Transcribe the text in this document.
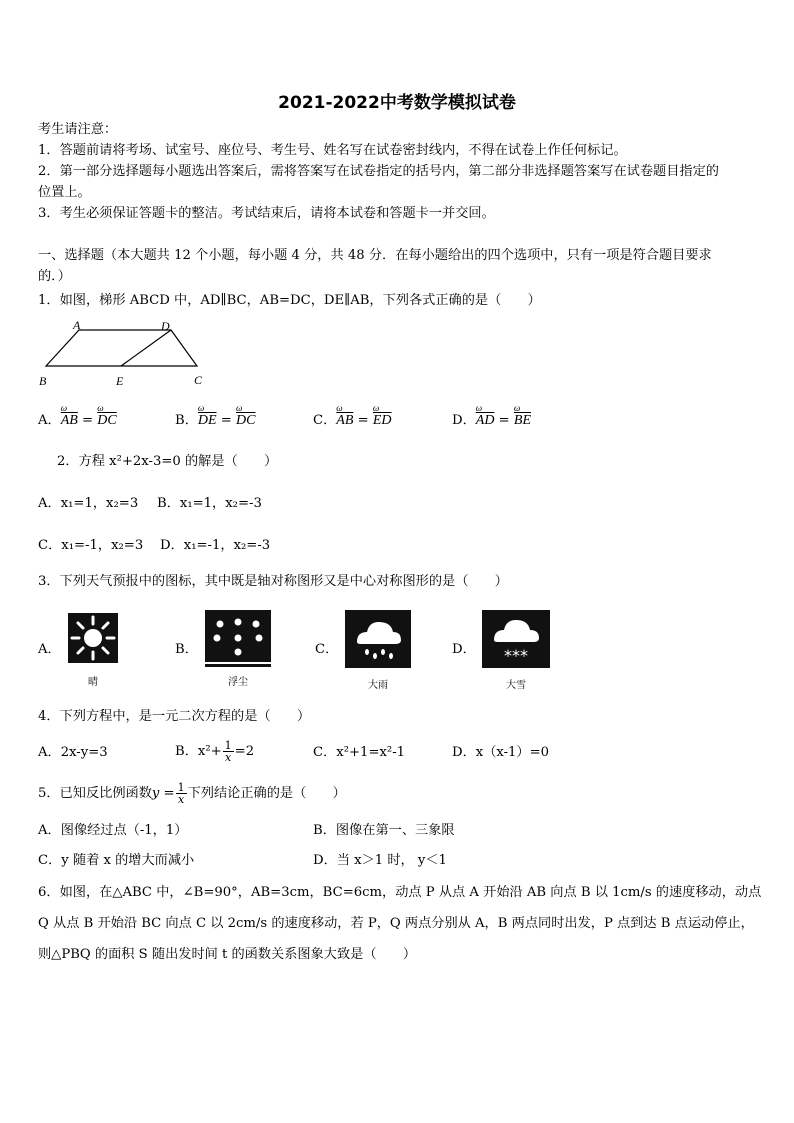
2021-2022中考数学模拟试卷
考生请注意：
1．答题前请将考场、试室号、座位号、考生号、姓名写在试卷密封线内，不得在试卷上作任何标记。
2．第一部分选择题每小题选出答案后，需将答案写在试卷指定的括号内，第二部分非选择题答案写在试卷题目指定的
位置上。
3．考生必须保证答题卡的整洁。考试结束后，请将本试卷和答题卡一并交回。
一、选择题（本大题共 12 个小题，每小题 4 分，共 48 分．在每小题给出的四个选项中，只有一项是符合题目要求
的．）
1．如图，梯形 ABCD 中，AD∥BC，AB=DC，DE∥AB，下列各式正确的是（　　）
A	D
B	E	C
A．ω $\overline{AB} = \omega$ $\overline{DC}$	B．ω $\overline{DE} = \omega$ $\overline{DC}$	C．ω $\overline{AB} = \omega$ $\overline{ED}$	D．ω $\overline{AD} = \omega$ $\overline{BE}$
2．方程 x²+2x-3=0 的解是（　　）
A．x₁=1，x₂=3 B．x₁=1，x₂=-3
C．x₁=-1，x₂=3 D．x₁=-1，x₂=-3
3．下列天气预报中的图标，其中既是轴对称图形又是中心对称图形的是（　　）
A．
晴
B．
浮尘
C．
大雨
D． ***
大雪
4．下列方程中，是一元二次方程的是（　　）
A．2x-y=3	B．$x^2+ \frac{1}{x} =2$	C．x²+1=x²-1	D．x（x-1）=0
5．已知反比例函数$y = \frac{1}{x}$ 下列结论正确的是（　　）
A．图像经过点（-1，1）	B．图像在第一、三象限
C．y 随着 x 的增大而减小	D．当 x＞1 时， y＜1
6．如图，在△ABC 中，∠B=90°，AB=3cm，BC=6cm，动点 P 从点 A 开始沿 AB 向点 B 以 1cm/s 的速度移动，动点
Q 从点 B 开始沿 BC 向点 C 以 2cm/s 的速度移动，若 P，Q 两点分别从 A，B 两点同时出发，P 点到达 B 点运动停止，
则△PBQ 的面积 S 随出发时间 t 的函数关系图象大致是（　　）
